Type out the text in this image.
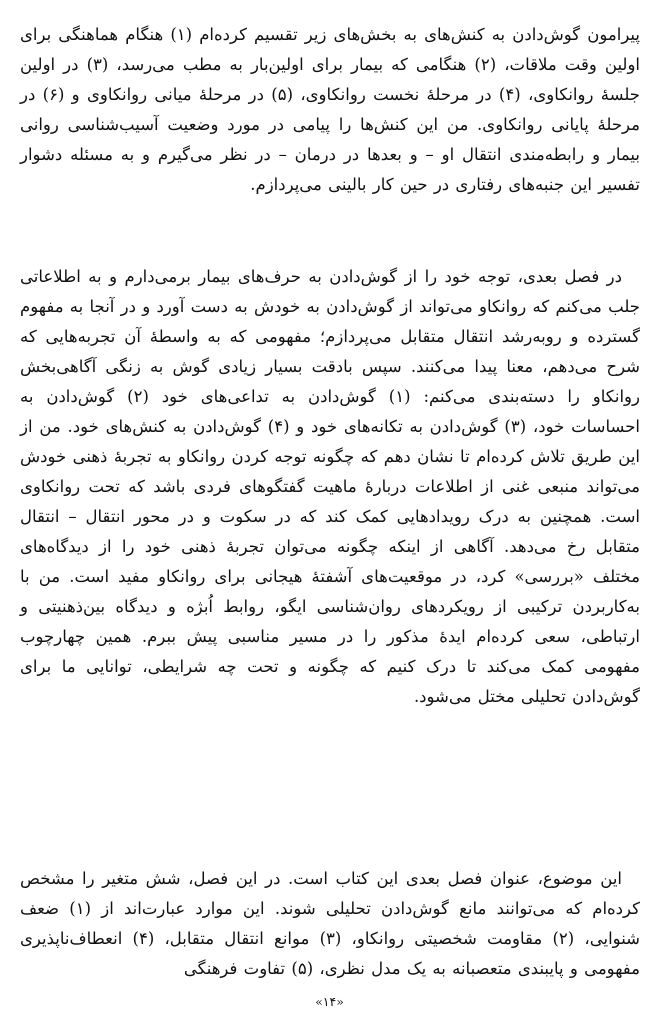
پیرامون گوش‌دادن به کنش‌های به بخش‌های زیر تقسیم کرده‌ام (۱) هنگام هماهنگی برای اولین وقت ملاقات، (۲) هنگامی که بیمار برای اولین‌بار به مطب می‌رسد، (۳) در اولین جلسهٔ روانکاوی، (۴) در مرحلهٔ نخست روانکاوی، (۵) در مرحلهٔ میانی روانکاوی و (۶) در مرحلهٔ پایانی روانکاوی. من این کنش‌ها را پیامی در مورد وضعیت آسیب‌شناسی روانی بیمار و رابطه‌مندی انتقال او – و بعدها در درمان – در نظر می‌گیرم و به مسئله دشوار تفسیر این جنبه‌های رفتاری در حین کار بالینی می‌پردازم.

در فصل بعدی، توجه خود را از گوش‌دادن به حرف‌های بیمار برمی‌دارم و به اطلاعاتی جلب می‌کنم که روانکاو می‌تواند از گوش‌دادن به خودش به دست آورد و در آنجا به مفهوم گسترده و روبه‌رشد انتقال متقابل می‌پردازم؛ مفهومی که به واسطهٔ آن تجربه‌هایی که شرح می‌دهم، معنا پیدا می‌کنند. سپس بادقت بسیار زیادی گوش به زنگی آگاهی‌بخش روانکاو را دسته‌بندی می‌کنم: (۱) گوش‌دادن به تداعی‌های خود (۲) گوش‌دادن به احساسات خود، (۳) گوش‌دادن به تکانه‌های خود و (۴) گوش‌دادن به کنش‌های خود. من از این طریق تلاش کرده‌ام تا نشان دهم که چگونه توجه کردن روانکاو به تجربهٔ ذهنی خودش می‌تواند منبعی غنی از اطلاعات دربارهٔ ماهیت گفتگوهای فردی باشد که تحت روانکاوی است. همچنین به درک رویدادهایی کمک کند که در سکوت و در محور انتقال – انتقال متقابل رخ می‌دهد. آگاهی از اینکه چگونه می‌توان تجربهٔ ذهنی خود را از دیدگاه‌های مختلف «بررسی» کرد، در موقعیت‌های آشفتهٔ هیجانی برای روانکاو مفید است. من با به‌کاربردن ترکیبی از رویکردهای روان‌شناسی ایگو، روابط اُبژه و دیدگاه بین‌ذهنیتی و ارتباطی، سعی کرده‌ام ایدهٔ مذکور را در مسیر مناسبی پیش ببرم. همین چهارچوب مفهومی کمک می‌کند تا درک کنیم که چگونه و تحت چه شرایطی، توانایی ما برای گوش‌دادن تحلیلی مختل می‌شود.

این موضوع، عنوان فصل بعدی این کتاب است. در این فصل، شش متغیر را مشخص کرده‌ام که می‌توانند مانع گوش‌دادن تحلیلی شوند. این موارد عبارت‌اند از (۱) ضعف شنوایی، (۲) مقاومت شخصیتی روانکاو، (۳) موانع انتقال متقابل، (۴) انعطاف‌ناپذیری مفهومی و پایبندی متعصبانه به یک مدل نظری، (۵) تفاوت فرهنگی

«۱۴»
